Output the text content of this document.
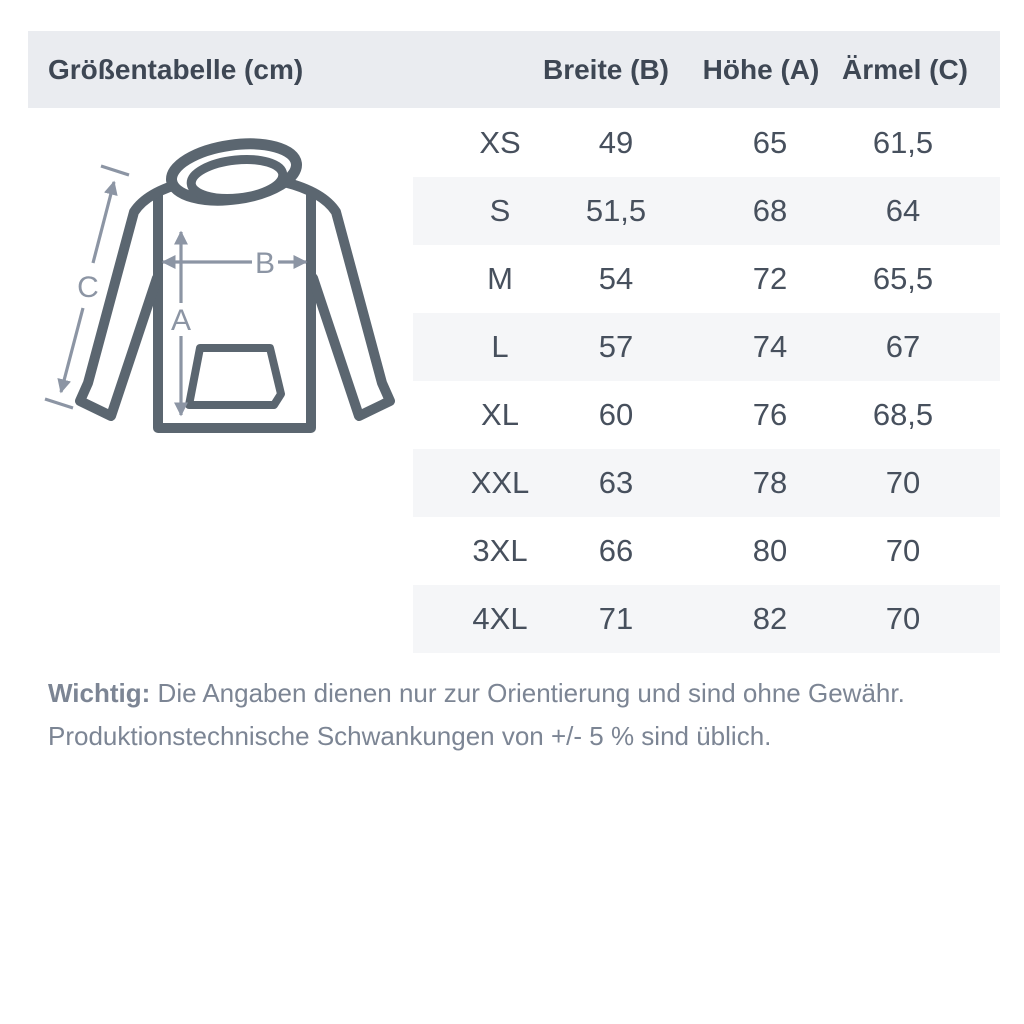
Größentabelle (cm)	Breite (B) Höhe (A) Ärmel (C)
A
B
C
XS	49	65	61,5
S 51,5	68	64
M	54	72	65,5
L	57	74	67
XL	60	76	68,5
XXL 63	78	70
3XL 66	80	70
4XL 71	82	70

Wichtig: Die Angaben dienen nur zur Orientierung und sind ohne Gewähr.

Produktionstechnische Schwankungen von +/- 5 % sind üblich.
